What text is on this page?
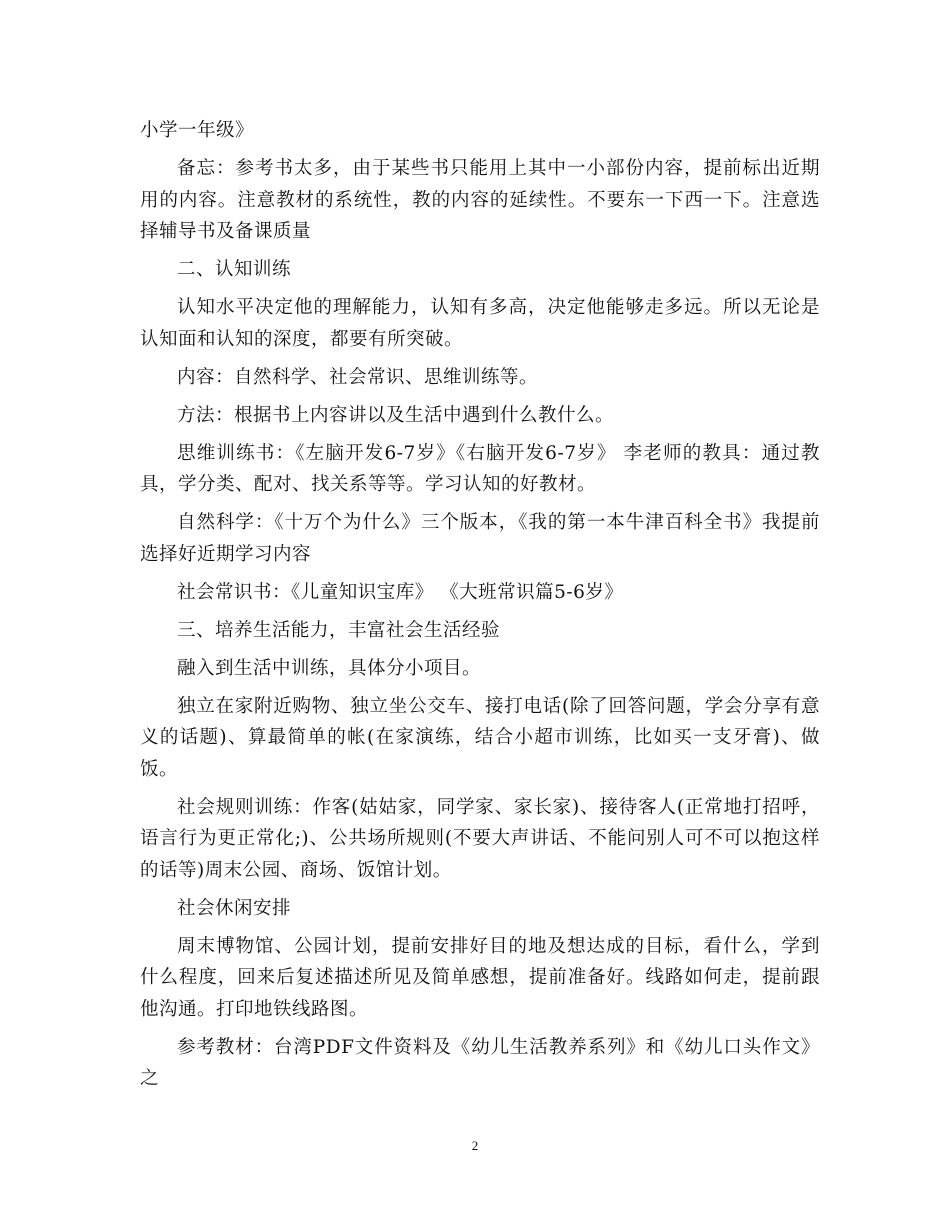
小学一年级》

备忘：参考书太多，由于某些书只能用上其中一小部份内容，提前标出近期用的内容。注意教材的系统性，教的内容的延续性。不要东一下西一下。注意选择辅导书及备课质量

二、认知训练

认知水平决定他的理解能力，认知有多高，决定他能够走多远。所以无论是认知面和认知的深度，都要有所突破。

内容：自然科学、社会常识、思维训练等。

方法：根据书上内容讲以及生活中遇到什么教什么。

思维训练书：《左脑开发6-7岁》《右脑开发6-7岁》 李老师的教具：通过教具，学分类、配对、找关系等等。学习认知的好教材。

自然科学：《十万个为什么》三个版本，《我的第一本牛津百科全书》我提前选择好近期学习内容

社会常识书：《儿童知识宝库》 《大班常识篇5-6岁》

三、培养生活能力，丰富社会生活经验

融入到生活中训练，具体分小项目。

独立在家附近购物、独立坐公交车、接打电话(除了回答问题，学会分享有意义的话题)、算最简单的帐(在家演练，结合小超市训练，比如买一支牙膏)、做饭。

社会规则训练：作客(姑姑家，同学家、家长家)、接待客人(正常地打招呼，语言行为更正常化;)、公共场所规则(不要大声讲话、不能问别人可不可以抱这样的话等)周末公园、商场、饭馆计划。

社会休闲安排

周末博物馆、公园计划，提前安排好目的地及想达成的目标，看什么，学到什么程度，回来后复述描述所见及简单感想，提前准备好。线路如何走，提前跟他沟通。打印地铁线路图。

参考教材：台湾PDF文件资料及《幼儿生活教养系列》和《幼儿口头作文》之

2
